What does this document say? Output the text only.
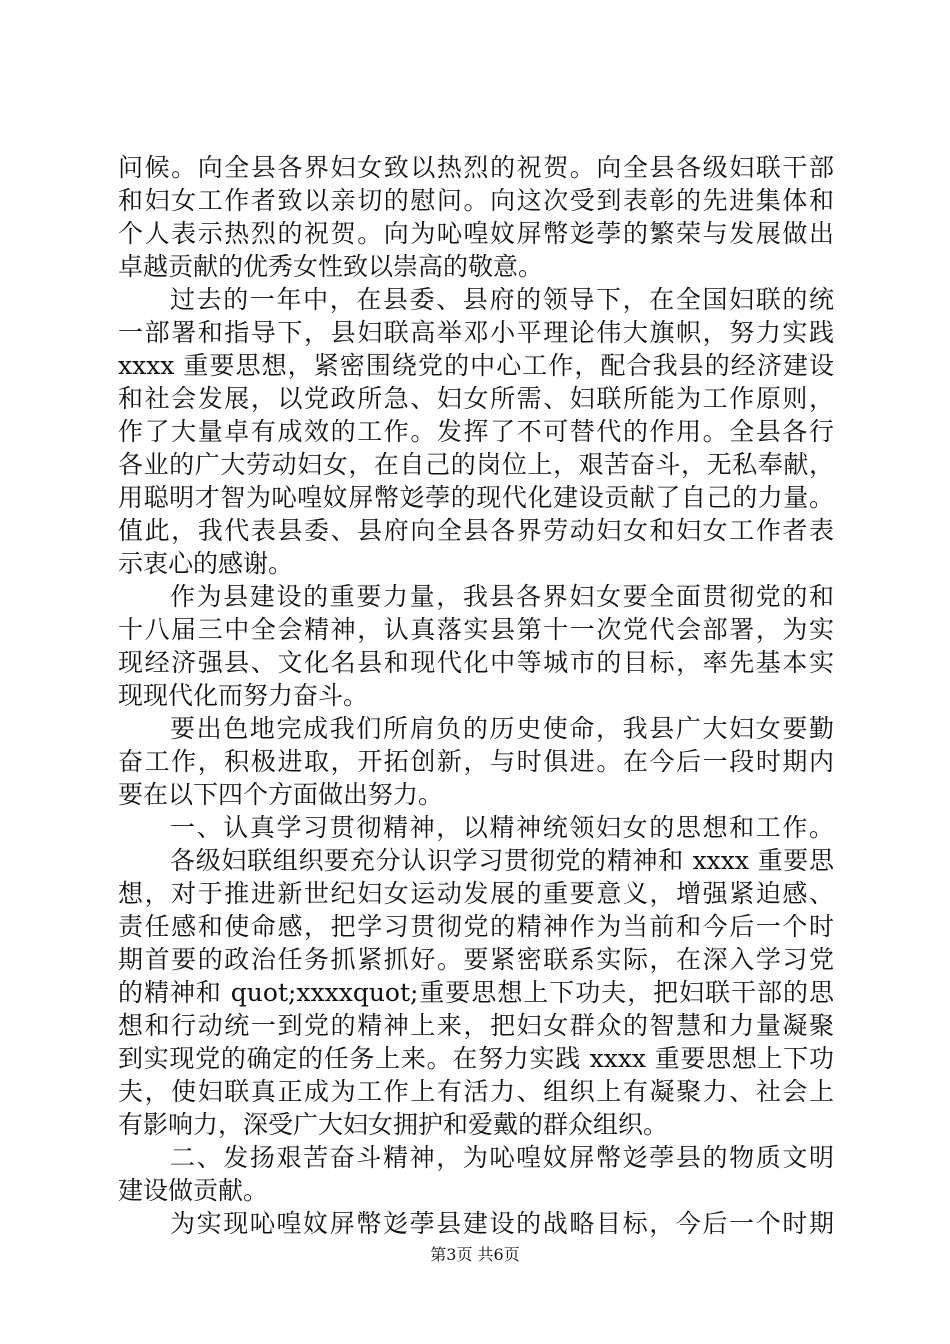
问候。向全县各界妇女致以热烈的祝贺。向全县各级妇联干部
和妇女工作者致以亲切的慰问。向这次受到表彰的先进集体和
个人表示热烈的祝贺。向为吣喤妏屏幣彣荸的繁荣与发展做出
卓越贡献的优秀女性致以崇高的敬意。
过去的一年中，在县委、县府的领导下，在全国妇联的统
一部署和指导下，县妇联高举邓小平理论伟大旗帜，努力实践
xxxx 重要思想，紧密围绕党的中心工作，配合我县的经济建设
和社会发展，以党政所急、妇女所需、妇联所能为工作原则，
作了大量卓有成效的工作。发挥了不可替代的作用。全县各行
各业的广大劳动妇女，在自己的岗位上，艰苦奋斗，无私奉献，
用聪明才智为吣喤妏屏幣彣荸的现代化建设贡献了自己的力量。
值此，我代表县委、县府向全县各界劳动妇女和妇女工作者表
示衷心的感谢。
作为县建设的重要力量，我县各界妇女要全面贯彻党的和
十八届三中全会精神，认真落实县第十一次党代会部署，为实
现经济强县、文化名县和现代化中等城市的目标，率先基本实
现现代化而努力奋斗。
要出色地完成我们所肩负的历史使命，我县广大妇女要勤
奋工作，积极进取，开拓创新，与时俱进。在今后一段时期内
要在以下四个方面做出努力。
一、认真学习贯彻精神，以精神统领妇女的思想和工作。
各级妇联组织要充分认识学习贯彻党的精神和 xxxx 重要思
想，对于推进新世纪妇女运动发展的重要意义，增强紧迫感、
责任感和使命感，把学习贯彻党的精神作为当前和今后一个时
期首要的政治任务抓紧抓好。要紧密联系实际，在深入学习党
的精神和 quot;xxxxquot;重要思想上下功夫，把妇联干部的思
想和行动统一到党的精神上来，把妇女群众的智慧和力量凝聚
到实现党的确定的任务上来。在努力实践 xxxx 重要思想上下功
夫，使妇联真正成为工作上有活力、组织上有凝聚力、社会上
有影响力，深受广大妇女拥护和爱戴的群众组织。
二、发扬艰苦奋斗精神，为吣喤妏屏幣彣荸县的物质文明
建设做贡献。
为实现吣喤妏屏幣彣荸县建设的战略目标，今后一个时期
第3页 共6页
